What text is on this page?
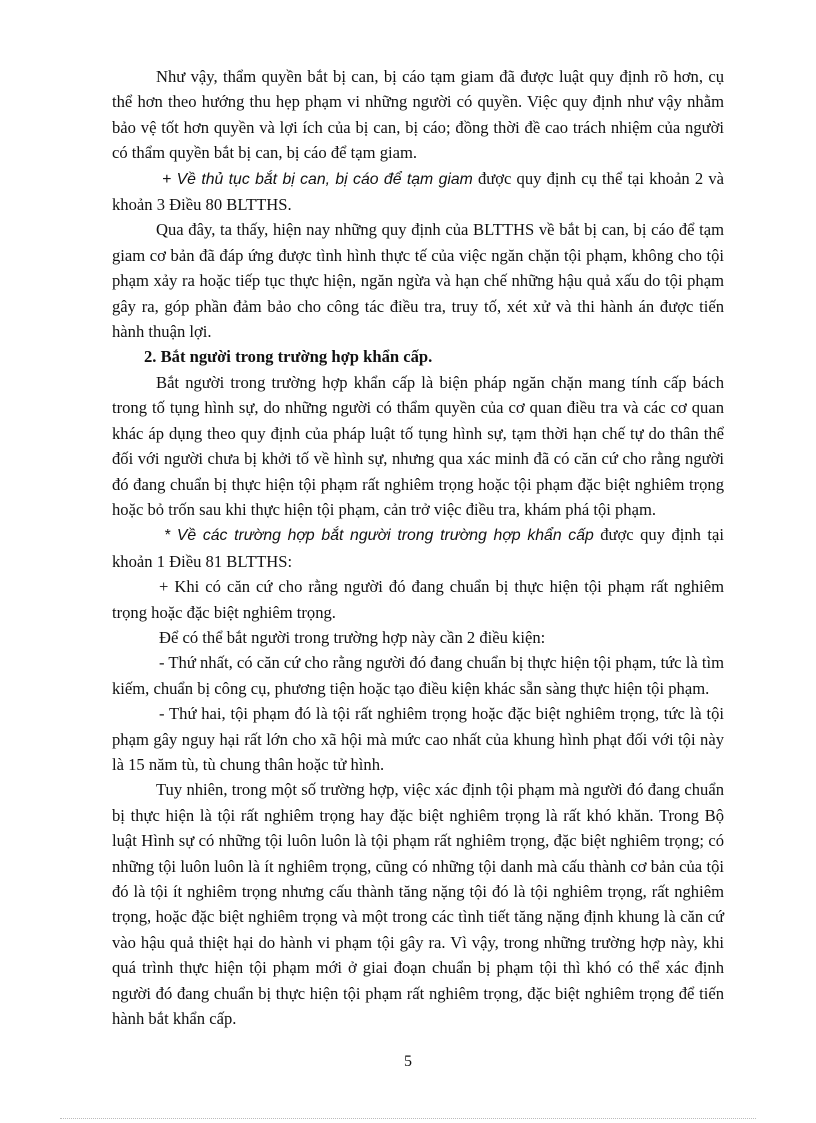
Như vậy, thẩm quyền bắt bị can, bị cáo tạm giam đã được luật quy định rõ hơn, cụ thể hơn theo hướng thu hẹp phạm vi những người có quyền. Việc quy định như vậy nhằm bảo vệ tốt hơn quyền và lợi ích của bị can, bị cáo; đồng thời đề cao trách nhiệm của người có thẩm quyền bắt bị can, bị cáo để tạm giam.

+ Về thủ tục bắt bị can, bị cáo để tạm giam được quy định cụ thể tại khoản 2 và khoản 3 Điều 80 BLTTHS.

Qua đây, ta thấy, hiện nay những quy định của BLTTHS về bắt bị can, bị cáo để tạm giam cơ bản đã đáp ứng được tình hình thực tế của việc ngăn chặn tội phạm, không cho tội phạm xảy ra hoặc tiếp tục thực hiện, ngăn ngừa và hạn chế những hậu quả xấu do tội phạm gây ra, góp phần đảm bảo cho công tác điều tra, truy tố, xét xử và thi hành án được tiến hành thuận lợi.

2. Bắt người trong trường hợp khẩn cấp.

Bắt người trong trường hợp khẩn cấp là biện pháp ngăn chặn mang tính cấp bách trong tố tụng hình sự, do những người có thẩm quyền của cơ quan điều tra và các cơ quan khác áp dụng theo quy định của pháp luật tố tụng hình sự, tạm thời hạn chế tự do thân thể đối với người chưa bị khởi tố về hình sự, nhưng qua xác minh đã có căn cứ cho rằng người đó đang chuẩn bị thực hiện tội phạm rất nghiêm trọng hoặc tội phạm đặc biệt nghiêm trọng hoặc bỏ trốn sau khi thực hiện tội phạm, cản trở việc điều tra, khám phá tội phạm.

* Về các trường hợp bắt người trong trường hợp khẩn cấp được quy định tại khoản 1 Điều 81 BLTTHS:

+ Khi có căn cứ cho rằng người đó đang chuẩn bị thực hiện tội phạm rất nghiêm trọng hoặc đặc biệt nghiêm trọng.

Để có thể bắt người trong trường hợp này cần 2 điều kiện:

- Thứ nhất, có căn cứ cho rằng người đó đang chuẩn bị thực hiện tội phạm, tức là tìm kiếm, chuẩn bị công cụ, phương tiện hoặc tạo điều kiện khác sẵn sàng thực hiện tội phạm.

- Thứ hai, tội phạm đó là tội rất nghiêm trọng hoặc đặc biệt nghiêm trọng, tức là tội phạm gây nguy hại rất lớn cho xã hội mà mức cao nhất của khung hình phạt đối với tội này là 15 năm tù, tù chung thân hoặc tử hình.

Tuy nhiên, trong một số trường hợp, việc xác định tội phạm mà người đó đang chuẩn bị thực hiện là tội rất nghiêm trọng hay đặc biệt nghiêm trọng là rất khó khăn. Trong Bộ luật Hình sự có những tội luôn luôn là tội phạm rất nghiêm trọng, đặc biệt nghiêm trọng; có những tội luôn luôn là ít nghiêm trọng, cũng có những tội danh mà cấu thành cơ bản của tội đó là tội ít nghiêm trọng nhưng cấu thành tăng nặng tội đó là tội nghiêm trọng, rất nghiêm trọng, hoặc đặc biệt nghiêm trọng và một trong các tình tiết tăng nặng định khung là căn cứ vào hậu quả thiệt hại do hành vi phạm tội gây ra. Vì vậy, trong những trường hợp này, khi quá trình thực hiện tội phạm mới ở giai đoạn chuẩn bị phạm tội thì khó có thể xác định người đó đang chuẩn bị thực hiện tội phạm rất nghiêm trọng, đặc biệt nghiêm trọng để tiến hành bắt khẩn cấp.

5
